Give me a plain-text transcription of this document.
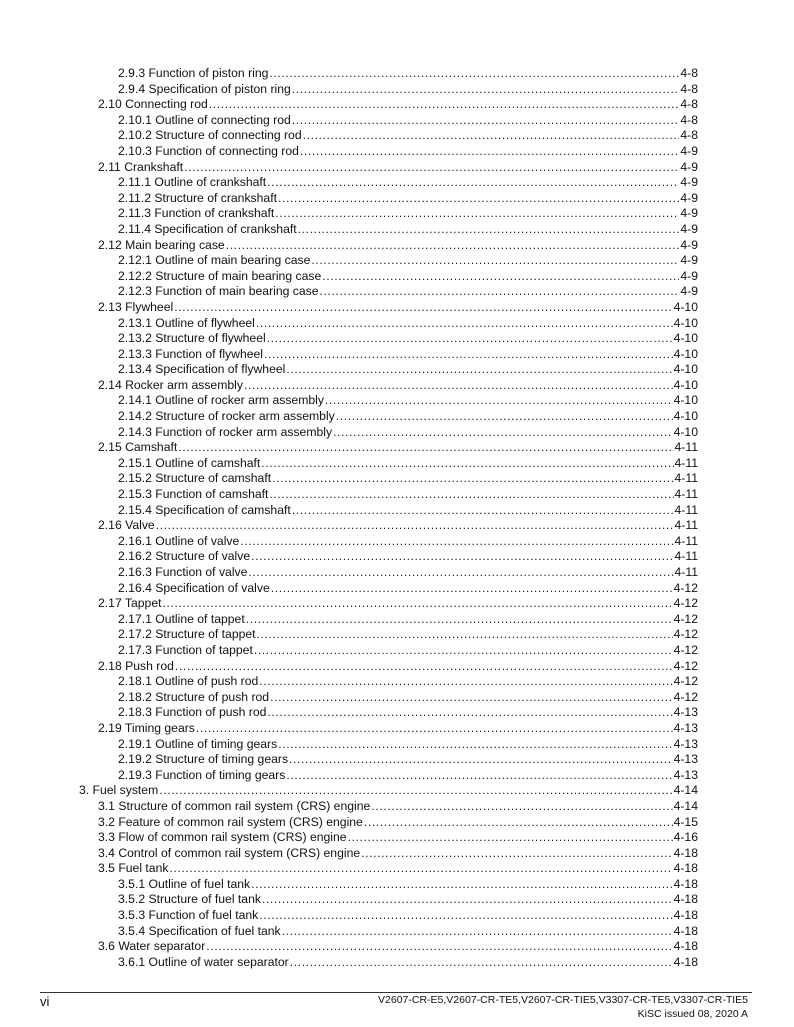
2.9.3 Function of piston ring .....	4-8
2.9.4 Specification of piston ring .....	4-8
2.10 Connecting rod .....	4-8
2.10.1 Outline of connecting rod .....	4-8
2.10.2 Structure of connecting rod .....	4-8
2.10.3 Function of connecting rod .....	4-9
2.11 Crankshaft .....	4-9
2.11.1 Outline of crankshaft .....	4-9
2.11.2 Structure of crankshaft .....	4-9
2.11.3 Function of crankshaft .....	4-9
2.11.4 Specification of crankshaft .....	4-9
2.12 Main bearing case .....	4-9
2.12.1 Outline of main bearing case .....	4-9
2.12.2 Structure of main bearing case .....	4-9
2.12.3 Function of main bearing case .....	4-9
2.13 Flywheel .....	4-10
2.13.1 Outline of flywheel .....	4-10
2.13.2 Structure of flywheel .....	4-10
2.13.3 Function of flywheel .....	4-10
2.13.4 Specification of flywheel .....	4-10
2.14 Rocker arm assembly .....	4-10
2.14.1 Outline of rocker arm assembly .....	4-10
2.14.2 Structure of rocker arm assembly .....	4-10
2.14.3 Function of rocker arm assembly .....	4-10
2.15 Camshaft .....	4-11
2.15.1 Outline of camshaft .....	4-11
2.15.2 Structure of camshaft .....	4-11
2.15.3 Function of camshaft .....	4-11
2.15.4 Specification of camshaft .....	4-11
2.16 Valve .....	4-11
2.16.1 Outline of valve .....	4-11
2.16.2 Structure of valve .....	4-11
2.16.3 Function of valve .....	4-11
2.16.4 Specification of valve .....	4-12
2.17 Tappet .....	4-12
2.17.1 Outline of tappet .....	4-12
2.17.2 Structure of tappet .....	4-12
2.17.3 Function of tappet .....	4-12
2.18 Push rod .....	4-12
2.18.1 Outline of push rod .....	4-12
2.18.2 Structure of push rod .....	4-12
2.18.3 Function of push rod .....	4-13
2.19 Timing gears .....	4-13
2.19.1 Outline of timing gears .....	4-13
2.19.2 Structure of timing gears .....	4-13
2.19.3 Function of timing gears .....	4-13
3. Fuel system .....	4-14
3.1 Structure of common rail system (CRS) engine .....	4-14
3.2 Feature of common rail system (CRS) engine .....	4-15
3.3 Flow of common rail system (CRS) engine .....	4-16
3.4 Control of common rail system (CRS) engine .....	4-18
3.5 Fuel tank .....	4-18
3.5.1 Outline of fuel tank .....	4-18
3.5.2 Structure of fuel tank .....	4-18
3.5.3 Function of fuel tank .....	4-18
3.5.4 Specification of fuel tank .....	4-18
3.6 Water separator .....	4-18
3.6.1 Outline of water separator .....	4-18
vi	V2607-CR-E5,V2607-CR-TE5,V2607-CR-TIE5,V3307-CR-TE5,V3307-CR-TIE5
KiSC issued 08, 2020 A
